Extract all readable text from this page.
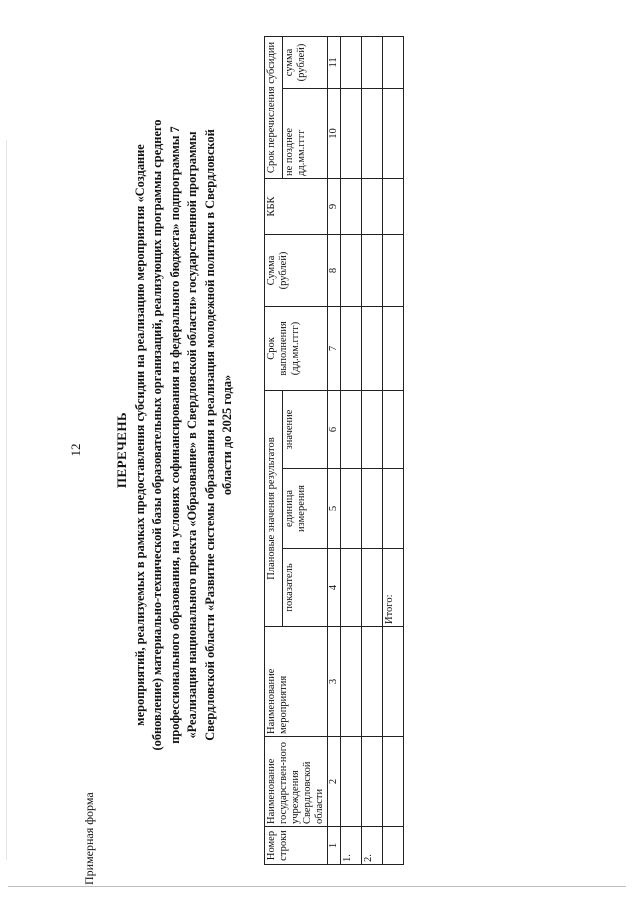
12
Примерная форма
ПЕРЕЧЕНЬ мероприятий, реализуемых в рамках предоставления субсидии на реализацию мероприятия «Создание (обновление) материально-технической базы образовательных организаций, реализующих программы среднего профессионального образования, на условиях софинансирования из федерального бюджета» подпрограммы 7 «Реализация национального проекта «Образование» в Свердловской области» государственной программы Свердловской области «Развитие системы образования и реализация молодежной политики в Свердловской области до 2025 года»
Номер строки	Наименование государствен-ного учреждения Свердловской области	Наименование мероприятия	Плановые значения результатов			Срок выполнения (дд.мм.гггг)	Сумма (рублей)	КБК	Срок перечисления субсидии	
			показатель	единица измерения	значение				не позднее дд.мм.гггг	сумма (рублей)
1	2	3	4	5	6	7	8	9	10	11
1.										
2.										
			Итого:							
